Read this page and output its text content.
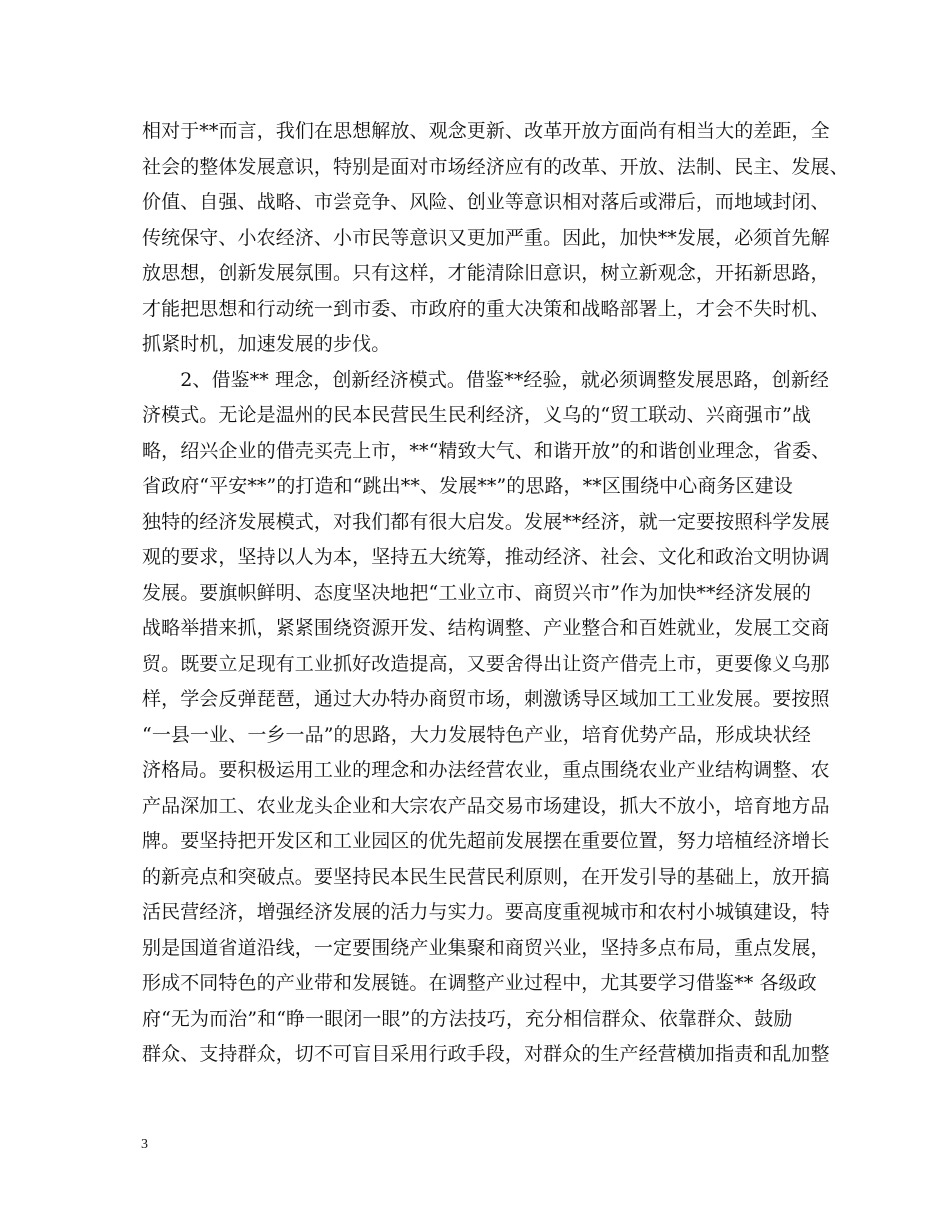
相对于**而言，我们在思想解放、观念更新、改革开放方面尚有相当大的差距，全
社会的整体发展意识，特别是面对市场经济应有的改革、开放、法制、民主、发展、
价值、自强、战略、市尝竞争、风险、创业等意识相对落后或滞后，而地域封闭、
传统保守、小农经济、小市民等意识又更加严重。因此，加快**发展，必须首先解
放思想，创新发展氛围。只有这样，才能清除旧意识，树立新观念，开拓新思路，
才能把思想和行动统一到市委、市政府的重大决策和战略部署上，才会不失时机、
抓紧时机，加速发展的步伐。
　　2、借鉴** 理念，创新经济模式。借鉴**经验，就必须调整发展思路，创新经
济模式。无论是温州的民本民营民生民利经济，义乌的“贸工联动、兴商强市”战
略，绍兴企业的借壳买壳上市，**“精致大气、和谐开放”的和谐创业理念，省委、
省政府“平安**”的打造和“跳出**、发展**”的思路，**区围绕中心商务区建设
独特的经济发展模式，对我们都有很大启发。发展**经济，就一定要按照科学发展
观的要求，坚持以人为本，坚持五大统筹，推动经济、社会、文化和政治文明协调
发展。要旗帜鲜明、态度坚决地把“工业立市、商贸兴市”作为加快**经济发展的
战略举措来抓，紧紧围绕资源开发、结构调整、产业整合和百姓就业，发展工交商
贸。既要立足现有工业抓好改造提高，又要舍得出让资产借壳上市，更要像义乌那
样，学会反弹琵琶，通过大办特办商贸市场，刺激诱导区域加工工业发展。要按照
“一县一业、一乡一品”的思路，大力发展特色产业，培育优势产品，形成块状经
济格局。要积极运用工业的理念和办法经营农业，重点围绕农业产业结构调整、农
产品深加工、农业龙头企业和大宗农产品交易市场建设，抓大不放小，培育地方品
牌。要坚持把开发区和工业园区的优先超前发展摆在重要位置，努力培植经济增长
的新亮点和突破点。要坚持民本民生民营民利原则，在开发引导的基础上，放开搞
活民营经济，增强经济发展的活力与实力。要高度重视城市和农村小城镇建设，特
别是国道省道沿线，一定要围绕产业集聚和商贸兴业，坚持多点布局，重点发展，
形成不同特色的产业带和发展链。在调整产业过程中，尤其要学习借鉴** 各级政
府“无为而治”和“睁一眼闭一眼”的方法技巧，充分相信群众、依靠群众、鼓励
群众、支持群众，切不可盲目采用行政手段，对群众的生产经营横加指责和乱加整
3
